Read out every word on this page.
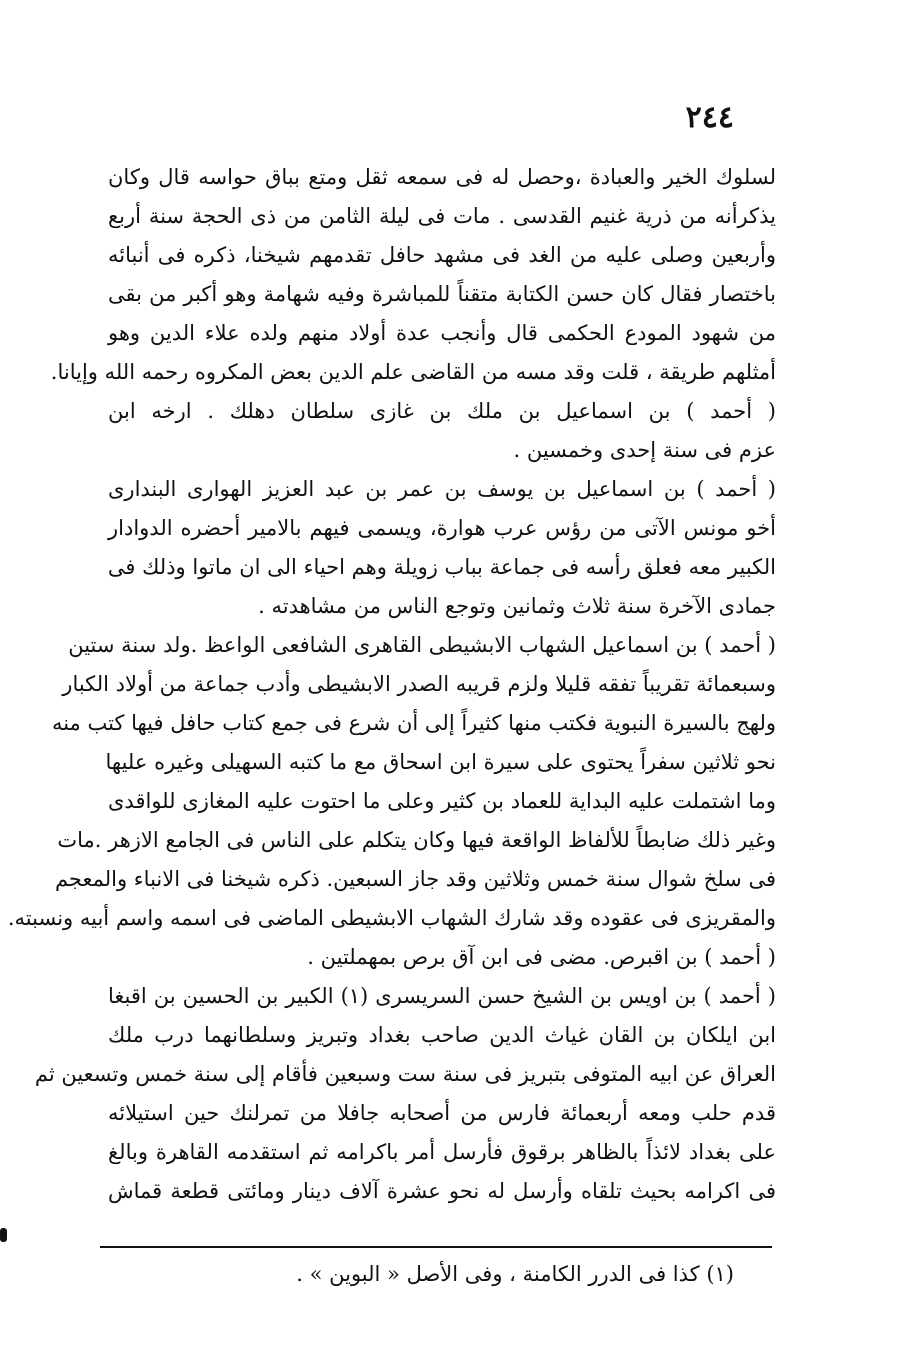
٢٤٤
لسلوك الخير والعبادة ،وحصل له فى سمعه ثقل ومتع بباق حواسه قال وكان
يذكرأنه من ذرية غنيم القدسى . مات فى ليلة الثامن من ذى الحجة سنة أربع
وأربعين وصلى عليه من الغد فى مشهد حافل تقدمهم شيخنا، ذكره فى أنبائه
باختصار فقال كان حسن الكتابة متقناً للمباشرة وفيه شهامة وهو أكبر من بقى
من شهود المودع الحكمى قال وأنجب عدة أولاد منهم ولده علاء الدين وهو
أمثلهم طريقة ، قلت وقد مسه من القاضى علم الدين بعض المكروه رحمه الله وإيانا.
( أحمد ) بن اسماعيل بن ملك بن غازى سلطان دهلك . ارخه ابن
عزم فى سنة إحدى وخمسين .
( أحمد ) بن اسماعيل بن يوسف بن عمر بن عبد العزيز الهوارى البندارى
أخو مونس الآتى من رؤس عرب هوارة، ويسمى فيهم بالامير أحضره الدوادار
الكبير معه فعلق رأسه فى جماعة بباب زويلة وهم احياء الى ان ماتوا وذلك فى
جمادى الآخرة سنة ثلاث وثمانين وتوجع الناس من مشاهدته .
( أحمد ) بن اسماعيل الشهاب الابشيطى القاهرى الشافعى الواعظ .ولد سنة ستين
وسبعمائة تقريباً تفقه قليلا ولزم قريبه الصدر الابشيطى وأدب جماعة من أولاد الكبار
ولهج بالسيرة النبوية فكتب منها كثيراً إلى أن شرع فى جمع كتاب حافل فيها كتب منه
نحو ثلاثين سفراً يحتوى على سيرة ابن اسحاق مع ما كتبه السهيلى وغيره عليها
وما اشتملت عليه البداية للعماد بن كثير وعلى ما احتوت عليه المغازى للواقدى
وغير ذلك ضابطاً للألفاظ الواقعة فيها وكان يتكلم على الناس فى الجامع الازهر .مات
فى سلخ شوال سنة خمس وثلاثين وقد جاز السبعين. ذكره شيخنا فى الانباء والمعجم
والمقريزى فى عقوده وقد شارك الشهاب الابشيطى الماضى فى اسمه واسم أبيه ونسبته.
( أحمد ) بن اقبرص. مضى فى ابن آق برص بمهملتين .
( أحمد ) بن اويس بن الشيخ حسن السريسرى (١) الكبير بن الحسين بن اقبغا
ابن ايلكان بن القان غياث الدين صاحب بغداد وتبريز وسلطانهما درب ملك
العراق عن ابيه المتوفى بتبريز فى سنة ست وسبعين فأقام إلى سنة خمس وتسعين ثم
قدم حلب ومعه أربعمائة فارس من أصحابه جافلا من تمرلنك حين استيلائه
على بغداد لائذاً بالظاهر برقوق فأرسل أمر باكرامه ثم استقدمه القاهرة وبالغ
فى اكرامه بحيث تلقاه وأرسل له نحو عشرة آلاف دينار ومائتى قطعة قماش
(١) كذا فى الدرر الكامنة ، وفى الأصل « البوين » .
